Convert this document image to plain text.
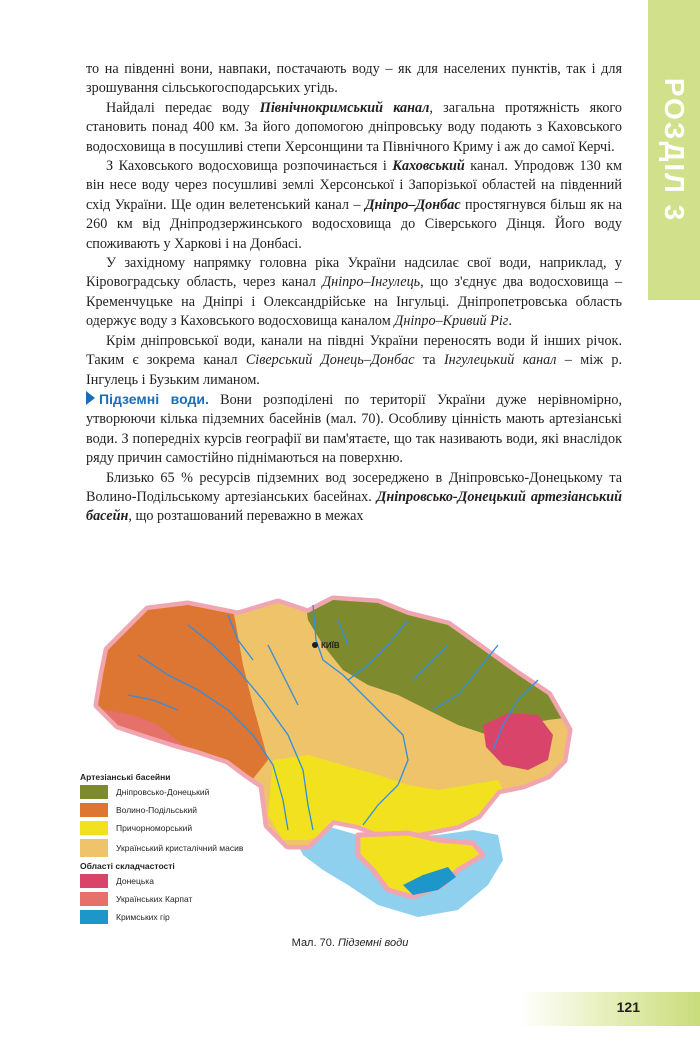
РОЗДІЛ 3

то на південні вони, навпаки, постачають воду – як для населених пунктів, так і для зрошування сільськогосподарських угідь.

Найдалі передає воду Північнокримський канал, загальна протяжність якого становить понад 400 км. За його допомогою дніпровську воду подають з Каховського водосховища в посушливі степи Херсонщини та Північного Криму і аж до самої Керчі.

З Каховського водосховища розпочинається і Каховський канал. Упродовж 130 км він несе воду через посушливі землі Херсонської і Запорізької областей на південний схід України. Ще один велетенський канал – Дніпро–Донбас простягнувся більш як на 260 км від Дніпродзержинського водосховища до Сіверського Дінця. Його воду споживають у Харкові і на Донбасі.

У західному напрямку головна ріка України надсилає свої води, наприклад, у Кіровоградську область, через канал Дніпро–Інгулець, що з'єднує два водосховища – Кременчуцьке на Дніпрі і Олександрійське на Інгульці. Дніпропетровська область одержує воду з Каховського водосховища каналом Дніпро–Кривий Ріг.

Крім дніпровської води, канали на півдні України переносять води й інших річок. Таким є зокрема канал Сіверський Донець–Донбас та Інгулецький канал – між р. Інгулець і Бузьким лиманом.

Підземні води. Вони розподілені по території України дуже нерівномірно, утворюючи кілька підземних басейнів (мал. 70). Особливу цінність мають артезіанські води. З попередніх курсів географії ви пам'ятаєте, що так називають води, які внаслідок ряду причин самостійно піднімаються на поверхню.

Близько 65 % ресурсів підземних вод зосереджено в Дніпровсько-Донецькому та Волино-Подільському артезіанських басейнах. Дніпровсько-Донецький артезіанський басейн, що розташований переважно в межах

КИЇВ
Артезіанські басейни
Дніпровсько-Донецький
Волино-Подільський
Причорноморський
Український кристалічний масив
Області складчастості
Донецька
Українських Карпат
Кримських гір
Мал. 70. Підземні води
121
